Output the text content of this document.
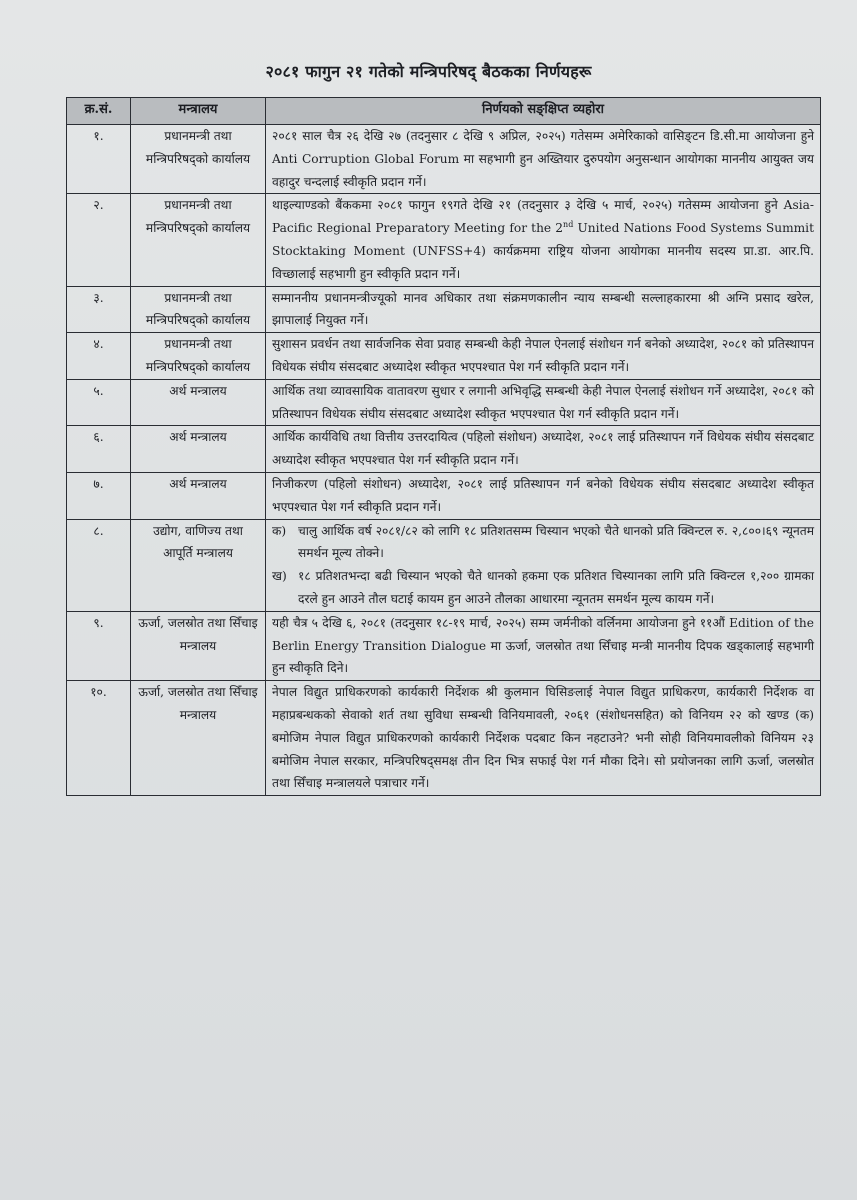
२०८१ फागुन २१ गतेको मन्त्रिपरिषद् बैठकका निर्णयहरू
क्र.सं.	मन्त्रालय	निर्णयको सङ्क्षिप्त व्यहोरा
१.	प्रधानमन्त्री तथा मन्त्रिपरिषद्को कार्यालय	२०८१ साल चैत्र २६ देखि २७ (तदनुसार ८ देखि ९ अप्रिल, २०२५) गतेसम्म अमेरिकाको वासिङ्टन डि.सी.मा आयोजना हुने Anti Corruption Global Forum मा सहभागी हुन अख्तियार दुरुपयोग अनुसन्धान आयोगका माननीय आयुक्त जय वहादुर चन्दलाई स्वीकृति प्रदान गर्ने।
२.	प्रधानमन्त्री तथा मन्त्रिपरिषद्को कार्यालय	थाइल्याण्डको बैंककमा २०८१ फागुन १९गते देखि २१ (तदनुसार ३ देखि ५ मार्च, २०२५) गतेसम्म आयोजना हुने Asia-Pacific Regional Preparatory Meeting for the 2nd United Nations Food Systems Summit Stocktaking Moment (UNFSS+4) कार्यक्रममा राष्ट्रिय योजना आयोगका माननीय सदस्य प्रा.डा. आर.पि. विच्छालाई सहभागी हुन स्वीकृति प्रदान गर्ने।
३.	प्रधानमन्त्री तथा मन्त्रिपरिषद्को कार्यालय	सम्माननीय प्रधानमन्त्रीज्यूको मानव अधिकार तथा संक्रमणकालीन न्याय सम्बन्धी सल्लाहकारमा श्री अग्नि प्रसाद खरेल, झापालाई नियुक्त गर्ने।
४.	प्रधानमन्त्री तथा मन्त्रिपरिषद्को कार्यालय	सुशासन प्रवर्धन तथा सार्वजनिक सेवा प्रवाह सम्बन्धी केही नेपाल ऐनलाई संशोधन गर्न बनेको अध्यादेश, २०८१ को प्रतिस्थापन विधेयक संघीय संसदबाट अध्यादेश स्वीकृत भएपश्चात पेश गर्न स्वीकृति प्रदान गर्ने।
५.	अर्थ मन्त्रालय	आर्थिक तथा व्यावसायिक वातावरण सुधार र लगानी अभिवृद्धि सम्बन्धी केही नेपाल ऐनलाई संशोधन गर्ने अध्यादेश, २०८१ को प्रतिस्थापन विधेयक संघीय संसदबाट अध्यादेश स्वीकृत भएपश्चात पेश गर्न स्वीकृति प्रदान गर्ने।
६.	अर्थ मन्त्रालय	आर्थिक कार्यविधि तथा वित्तीय उत्तरदायित्व (पहिलो संशोधन) अध्यादेश, २०८१ लाई प्रतिस्थापन गर्ने विधेयक संघीय संसदबाट अध्यादेश स्वीकृत भएपश्चात पेश गर्न स्वीकृति प्रदान गर्ने।
७.	अर्थ मन्त्रालय	निजीकरण (पहिलो संशोधन) अध्यादेश, २०८१ लाई प्रतिस्थापन गर्न बनेको विधेयक संघीय संसदबाट अध्यादेश स्वीकृत भएपश्चात पेश गर्न स्वीकृति प्रदान गर्ने।
८.	उद्योग, वाणिज्य तथा आपूर्ति मन्त्रालय	क) चालु आर्थिक वर्ष २०८१/८२ को लागि १८ प्रतिशतसम्म चिस्यान भएको चैते धानको प्रति क्विन्टल रु. २,८००।६९ न्यूनतम समर्थन मूल्य तोक्ने।
ख) १८ प्रतिशतभन्दा बढी चिस्यान भएको चैते धानको हकमा एक प्रतिशत चिस्यानका लागि प्रति क्विन्टल १,२०० ग्रामका दरले हुन आउने तौल घटाई कायम हुन आउने तौलका आधारमा न्यूनतम समर्थन मूल्य कायम गर्ने।

९.	ऊर्जा, जलस्रोत तथा सिँचाइ मन्त्रालय	यही चैत्र ५ देखि ६, २०८१ (तदनुसार १८-१९ मार्च, २०२५) सम्म जर्मनीको वर्लिनमा आयोजना हुने ११औं Edition of the Berlin Energy Transition Dialogue मा ऊर्जा, जलस्रोत तथा सिँचाइ मन्त्री माननीय दिपक खड्कालाई सहभागी हुन स्वीकृति दिने।
१०.	ऊर्जा, जलस्रोत तथा सिँचाइ मन्त्रालय	नेपाल विद्युत प्राधिकरणको कार्यकारी निर्देशक श्री कुलमान घिसिङलाई नेपाल विद्युत प्राधिकरण, कार्यकारी निर्देशक वा महाप्रबन्धकको सेवाको शर्त तथा सुविधा सम्बन्धी विनियमावली, २०६१ (संशोधनसहित) को विनियम २२ को खण्ड (क) बमोजिम नेपाल विद्युत प्राधिकरणको कार्यकारी निर्देशक पदबाट किन नहटाउने? भनी सोही विनियमावलीको विनियम २३ बमोजिम नेपाल सरकार, मन्त्रिपरिषद्समक्ष तीन दिन भित्र सफाई पेश गर्न मौका दिने। सो प्रयोजनका लागि ऊर्जा, जलस्रोत तथा सिँचाइ मन्त्रालयले पत्राचार गर्ने।
